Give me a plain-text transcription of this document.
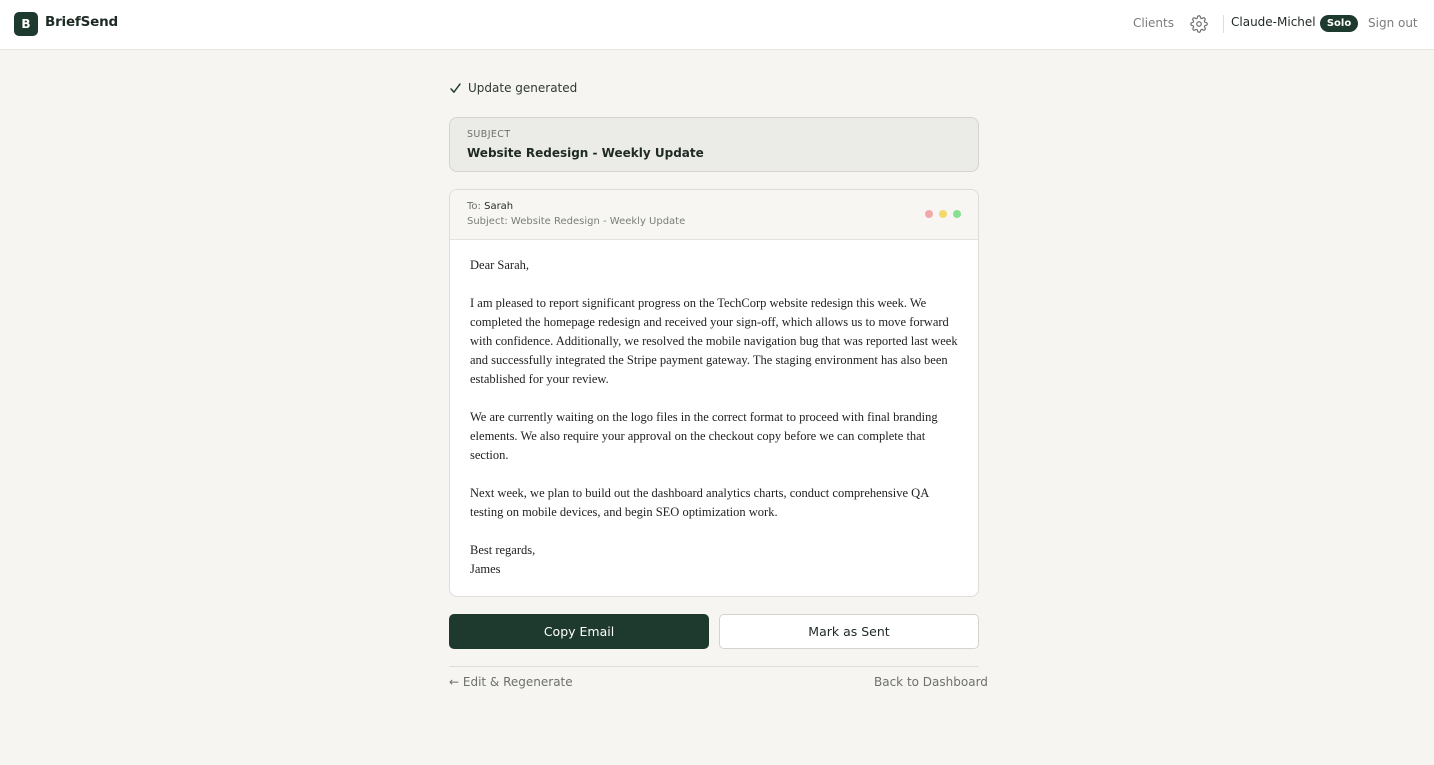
B BriefSend	Clients	Claude-Michel	Solo	Sign out
Update generated
SUBJECT
Website Redesign - Weekly Update
To: Sarah
Subject: Website Redesign - Weekly Update

Dear Sarah,

I am pleased to report significant progress on the TechCorp website redesign this week. We completed the homepage redesign and received your sign-off, which allows us to move forward with confidence. Additionally, we resolved the mobile navigation bug that was reported last week and successfully integrated the Stripe payment gateway. The staging environment has also been established for your review.

We are currently waiting on the logo files in the correct format to proceed with final branding elements. We also require your approval on the checkout copy before we can complete that section.

Next week, we plan to build out the dashboard analytics charts, conduct comprehensive QA testing on mobile devices, and begin SEO optimization work.

Best regards,
James

Copy Email	Mark as Sent
← Edit & Regenerate	Back to Dashboard
